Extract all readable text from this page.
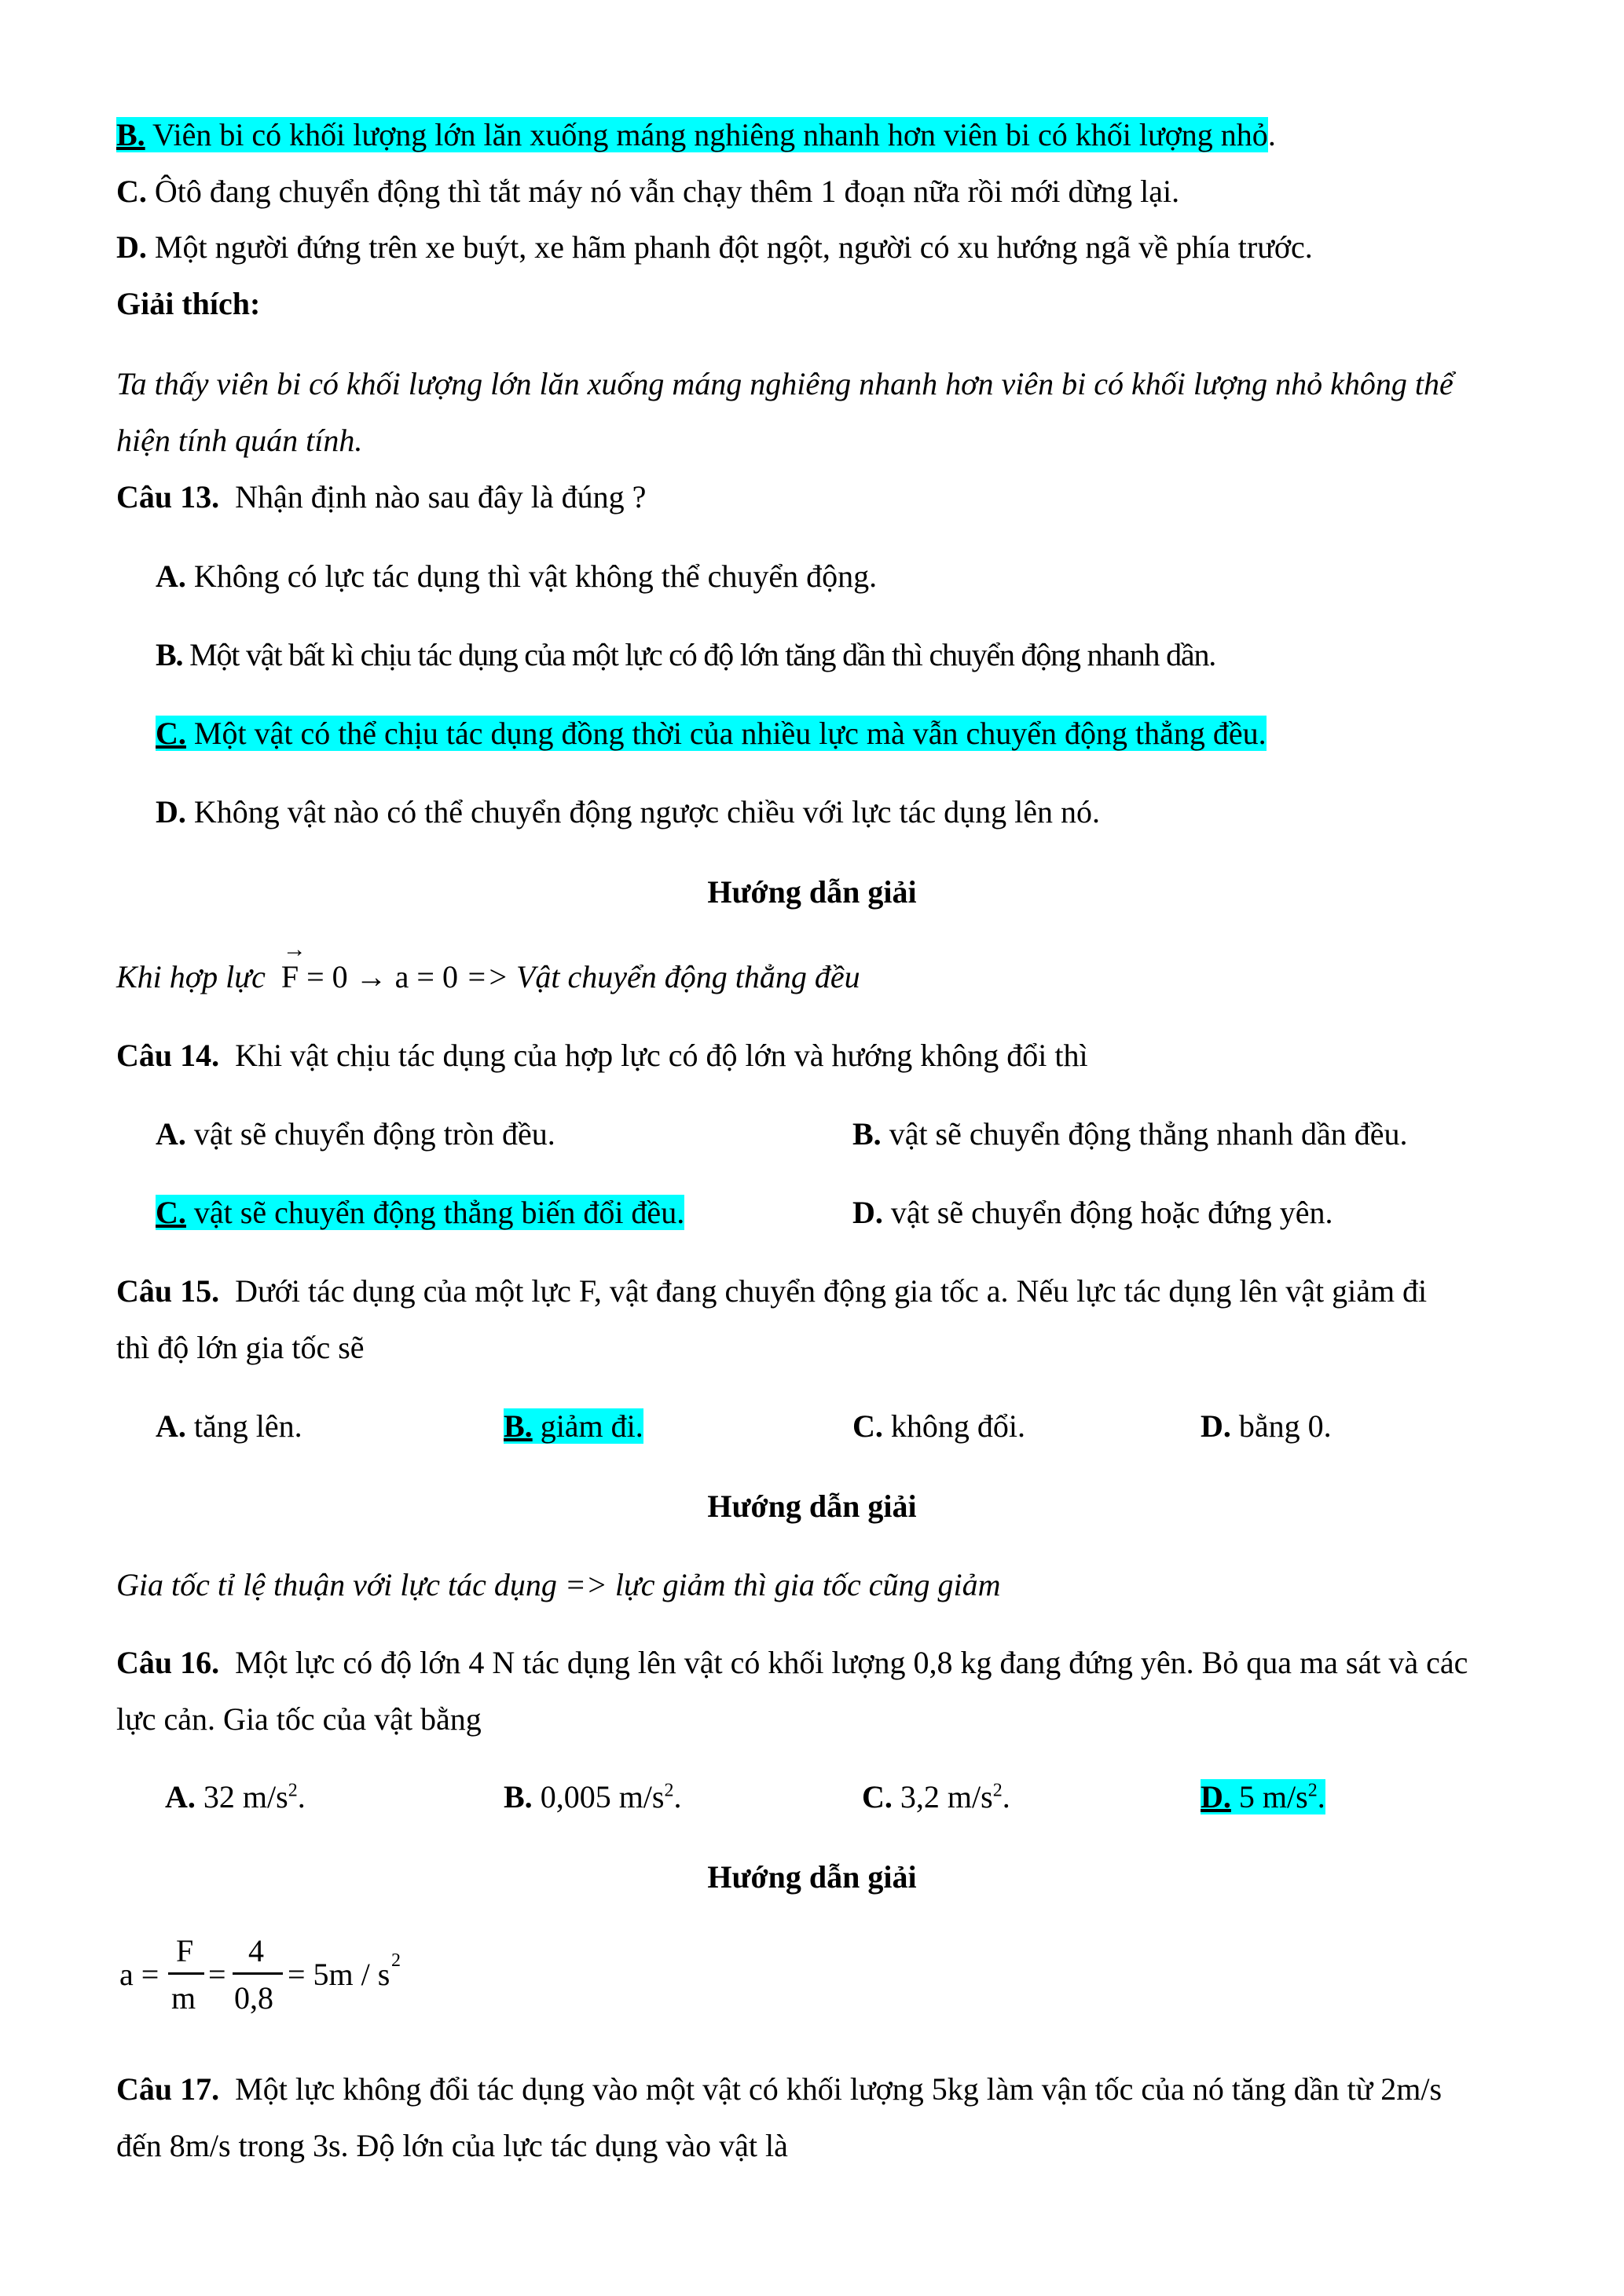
B. Viên bi có khối lượng lớn lăn xuống máng nghiêng nhanh hơn viên bi có khối lượng nhỏ.
C. Ôtô đang chuyển động thì tắt máy nó vẫn chạy thêm 1 đoạn nữa rồi mới dừng lại.
D. Một người đứng trên xe buýt, xe hãm phanh đột ngột, người có xu hướng ngã về phía trước.
Giải thích:
Ta thấy viên bi có khối lượng lớn lăn xuống máng nghiêng nhanh hơn viên bi có khối lượng nhỏ không thể
hiện tính quán tính.
Câu 13. Nhận định nào sau đây là đúng ?
A. Không có lực tác dụng thì vật không thể chuyển động.
B. Một vật bất kì chịu tác dụng của một lực có độ lớn tăng dần thì chuyển động nhanh dần.
C. Một vật có thể chịu tác dụng đồng thời của nhiều lực mà vẫn chuyển động thẳng đều.
D. Không vật nào có thể chuyển động ngược chiều với lực tác dụng lên nó.
Hướng dẫn giải
Khi hợp lực
→
F = 0 → a = 0 => Vật chuyển động thẳng đều
Câu 14. Khi vật chịu tác dụng của hợp lực có độ lớn và hướng không đổi thì
A. vật sẽ chuyển động tròn đều.	B. vật sẽ chuyển động thẳng nhanh dần đều.
C. vật sẽ chuyển động thẳng biến đổi đều.	D. vật sẽ chuyển động hoặc đứng yên.
Câu 15. Dưới tác dụng của một lực F, vật đang chuyển động gia tốc a. Nếu lực tác dụng lên vật giảm đi
thì độ lớn gia tốc sẽ
A. tăng lên.	B. giảm đi.	C. không đổi.	D. bằng 0.
Hướng dẫn giải
Gia tốc tỉ lệ thuận với lực tác dụng => lực giảm thì gia tốc cũng giảm
Câu 16. Một lực có độ lớn 4 N tác dụng lên vật có khối lượng 0,8 kg đang đứng yên. Bỏ qua ma sát và các
lực cản. Gia tốc của vật bằng
A. 32 $m/s^2$.	B. 0,005 $m/s^2$.	C. 3,2 $m/s^2$.	D. 5 $m/s^2$.
Hướng dẫn giải
a =
F
m
=
4
0,8
= 5m / s 2
Câu 17. Một lực không đổi tác dụng vào một vật có khối lượng 5kg làm vận tốc của nó tăng dần từ 2m/s
đến 8m/s trong 3s. Độ lớn của lực tác dụng vào vật là
